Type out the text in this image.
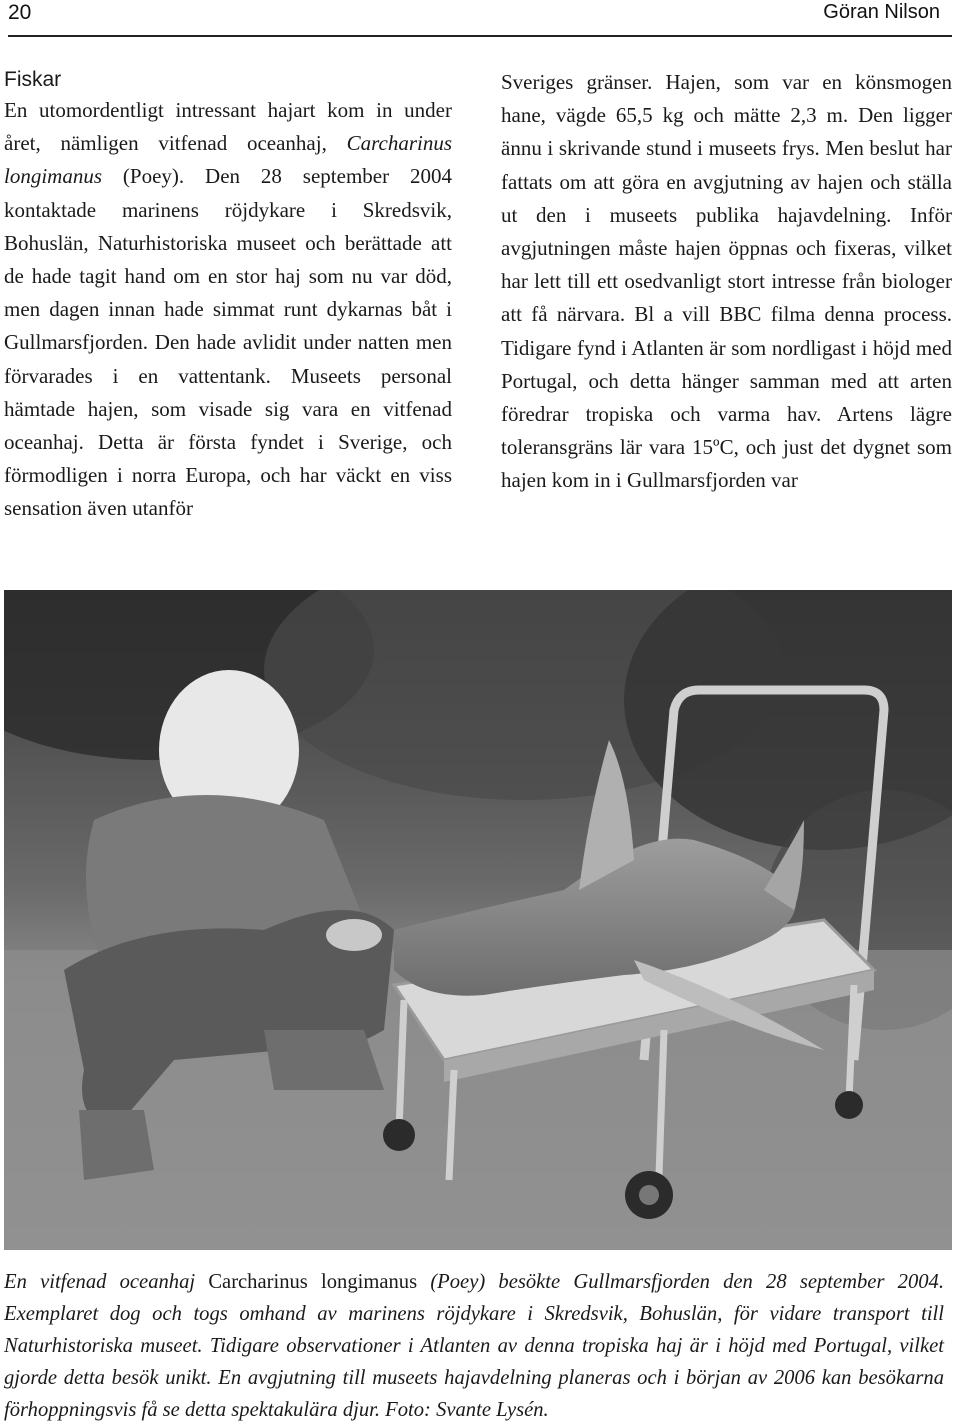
20	Göran Nilson
Fiskar

En utomordentligt intressant hajart kom in under året, nämligen vitfenad oceanhaj, Carcharinus longimanus (Poey). Den 28 september 2004 kontaktade marinens röjdykare i Skredsvik, Bohuslän, Naturhistoriska museet och berättade att de hade tagit hand om en stor haj som nu var död, men dagen innan hade simmat runt dykarnas båt i Gullmarsfjorden. Den hade avlidit under natten men förvarades i en vattentank. Museets personal hämtade hajen, som visade sig vara en vitfenad oceanhaj. Detta är första fyndet i Sverige, och förmodligen i norra Europa, och har väckt en viss sensation även utanför

Sveriges gränser. Hajen, som var en könsmogen hane, vägde 65,5 kg och mätte 2,3 m. Den ligger ännu i skrivande stund i museets frys. Men beslut har fattats om att göra en avgjutning av hajen och ställa ut den i museets publika hajavdelning. Inför avgjutningen måste hajen öppnas och fixeras, vilket har lett till ett osedvanligt stort intresse från biologer att få närvara. Bl a vill BBC filma denna process. Tidigare fynd i Atlanten är som nordligast i höjd med Portugal, och detta hänger samman med att arten föredrar tropiska och varma hav. Artens lägre toleransgräns lär vara 15ºC, och just det dygnet som hajen kom in i Gullmarsfjorden var

En vitfenad oceanhaj Carcharinus longimanus (Poey) besökte Gullmarsfjorden den 28 september 2004. Exemplaret dog och togs omhand av marinens röjdykare i Skredsvik, Bohuslän, för vidare transport till Naturhistoriska museet. Tidigare observationer i Atlanten av denna tropiska haj är i höjd med Portugal, vilket gjorde detta besök unikt. En avgjutning till museets hajavdelning planeras och i början av 2006 kan besökarna förhoppningsvis få se detta spektakulära djur. Foto: Svante Lysén.
